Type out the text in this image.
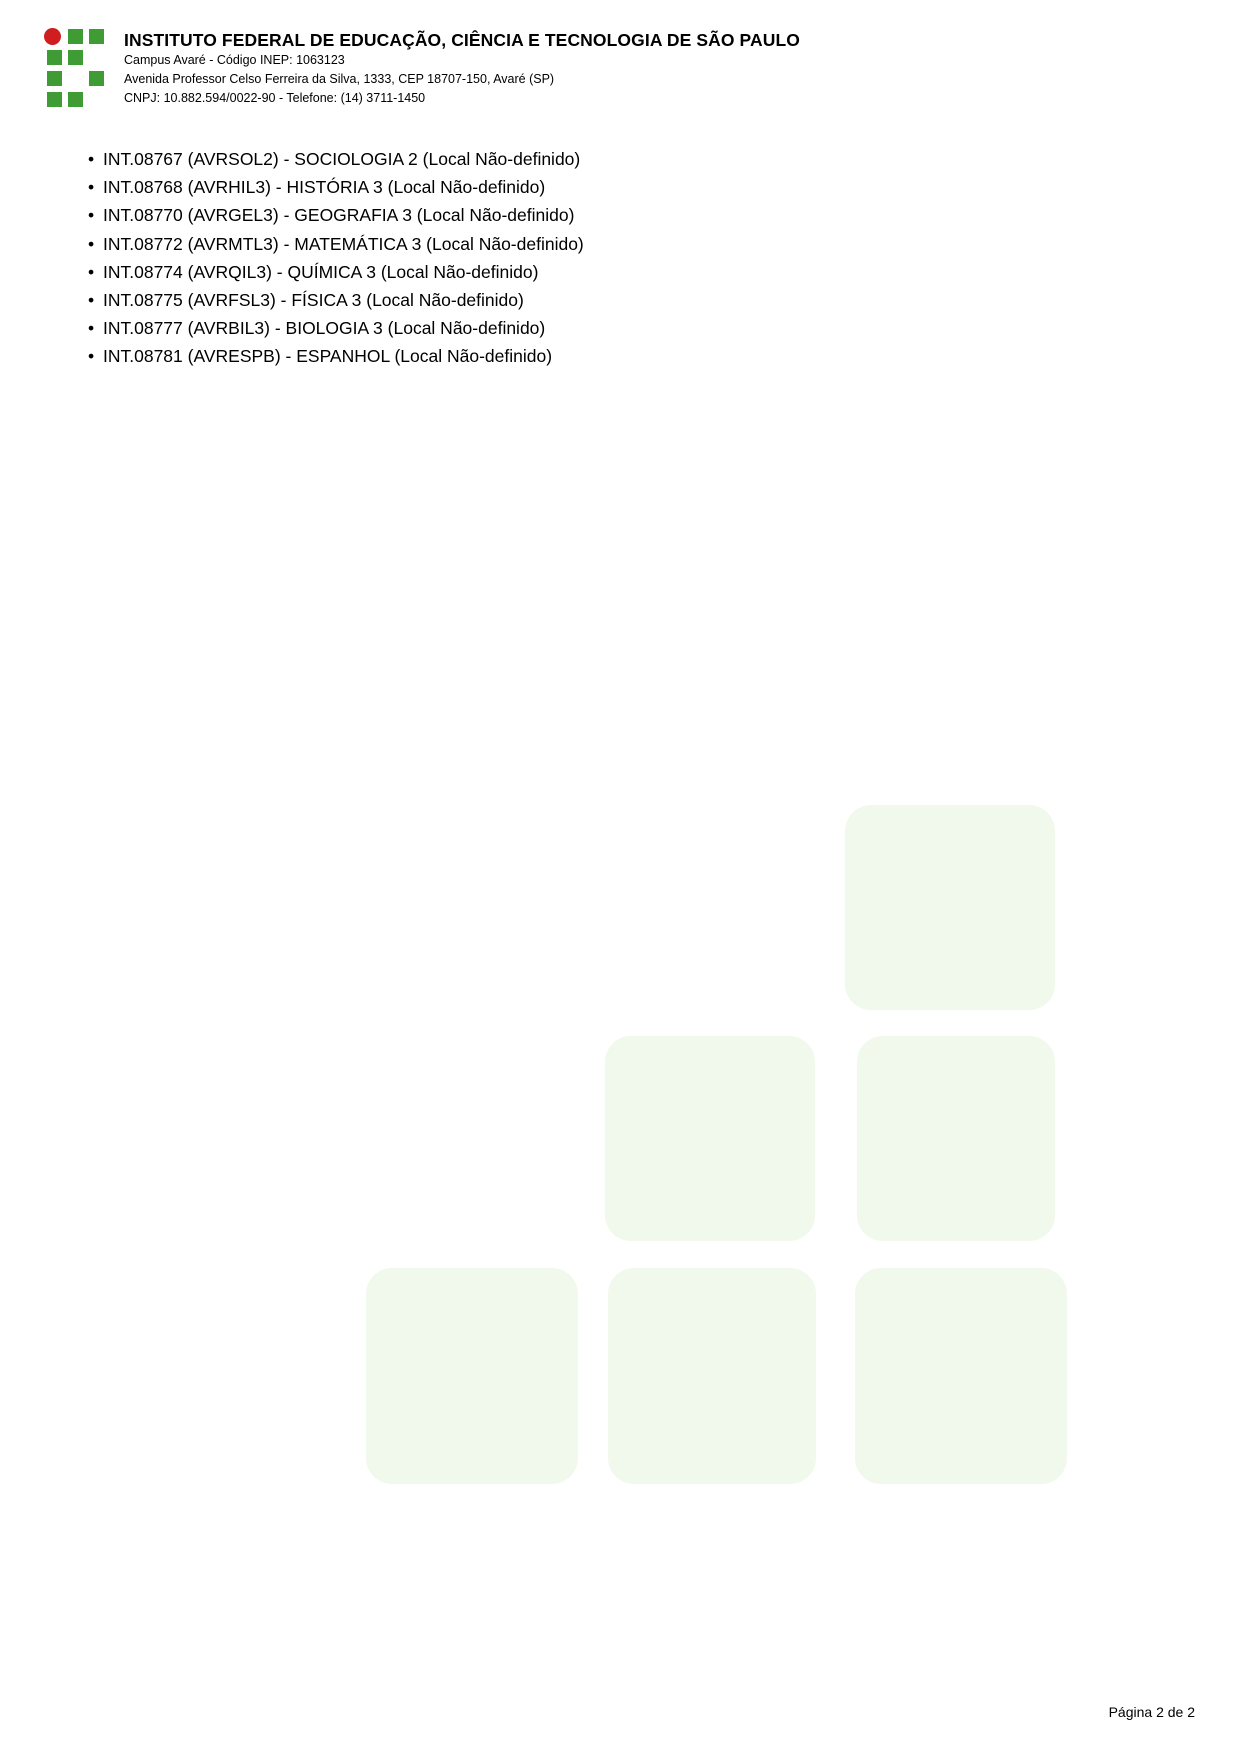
INSTITUTO FEDERAL DE EDUCAÇÃO, CIÊNCIA E TECNOLOGIA DE SÃO PAULO
Campus Avaré - Código INEP: 1063123
Avenida Professor Celso Ferreira da Silva, 1333, CEP 18707-150, Avaré (SP)
CNPJ: 10.882.594/0022-90 - Telefone: (14) 3711-1450
• INT.08767 (AVRSOL2) - SOCIOLOGIA 2 (Local Não-definido)
• INT.08768 (AVRHIL3) - HISTÓRIA 3 (Local Não-definido)
• INT.08770 (AVRGEL3) - GEOGRAFIA 3 (Local Não-definido)
• INT.08772 (AVRMTL3) - MATEMÁTICA 3 (Local Não-definido)
• INT.08774 (AVRQIL3) - QUÍMICA 3 (Local Não-definido)
• INT.08775 (AVRFSL3) - FÍSICA 3 (Local Não-definido)
• INT.08777 (AVRBIL3) - BIOLOGIA 3 (Local Não-definido)
• INT.08781 (AVRESPB) - ESPANHOL (Local Não-definido)
Página 2 de 2
